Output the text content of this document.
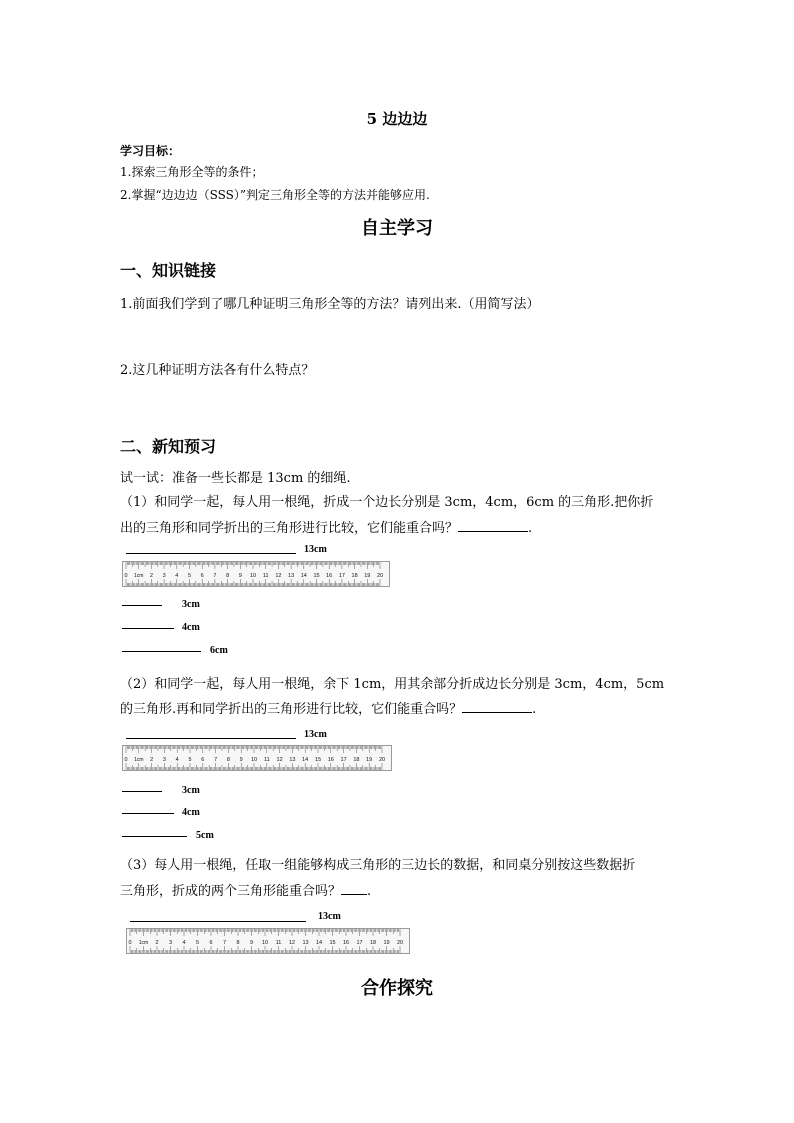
5 边边边
学习目标：
1.探索三角形全等的条件；
2.掌握“边边边（SSS）”判定三角形全等的方法并能够应用.
自主学习
一、知识链接
1.前面我们学到了哪几种证明三角形全等的方法？请列出来.（用简写法）
2.这几种证明方法各有什么特点？
二、新知预习
试一试：准备一些长都是 13cm 的细绳.
（1）和同学一起，每人用一根绳，折成一个边长分别是 3cm，4cm，6cm 的三角形.把你折
出的三角形和同学折出的三角形进行比较，它们能重合吗？	.
13cm
0	2 3 4 5 6 7 8 9 10 11 12 13 14 15 16 17 18 19 20
1cm
3cm
4cm
6cm
（2）和同学一起，每人用一根绳，余下 1cm，用其余部分折成边长分别是 3cm，4cm，5cm
的三角形.再和同学折出的三角形进行比较，它们能重合吗？	.
13cm
0	2 3 4 5 6 7 8 9 10 11 12 13 14 15 16 17 18 19 20
1cm
3cm
4cm
5cm
（3）每人用一根绳，任取一组能够构成三角形的三边长的数据，和同桌分别按这些数据折
三角形，折成的两个三角形能重合吗？ .
13cm
0	2 3 4 5 6 7 8 9 10 11 12 13 14 15 16 17 18 19 20
1cm
合作探究
